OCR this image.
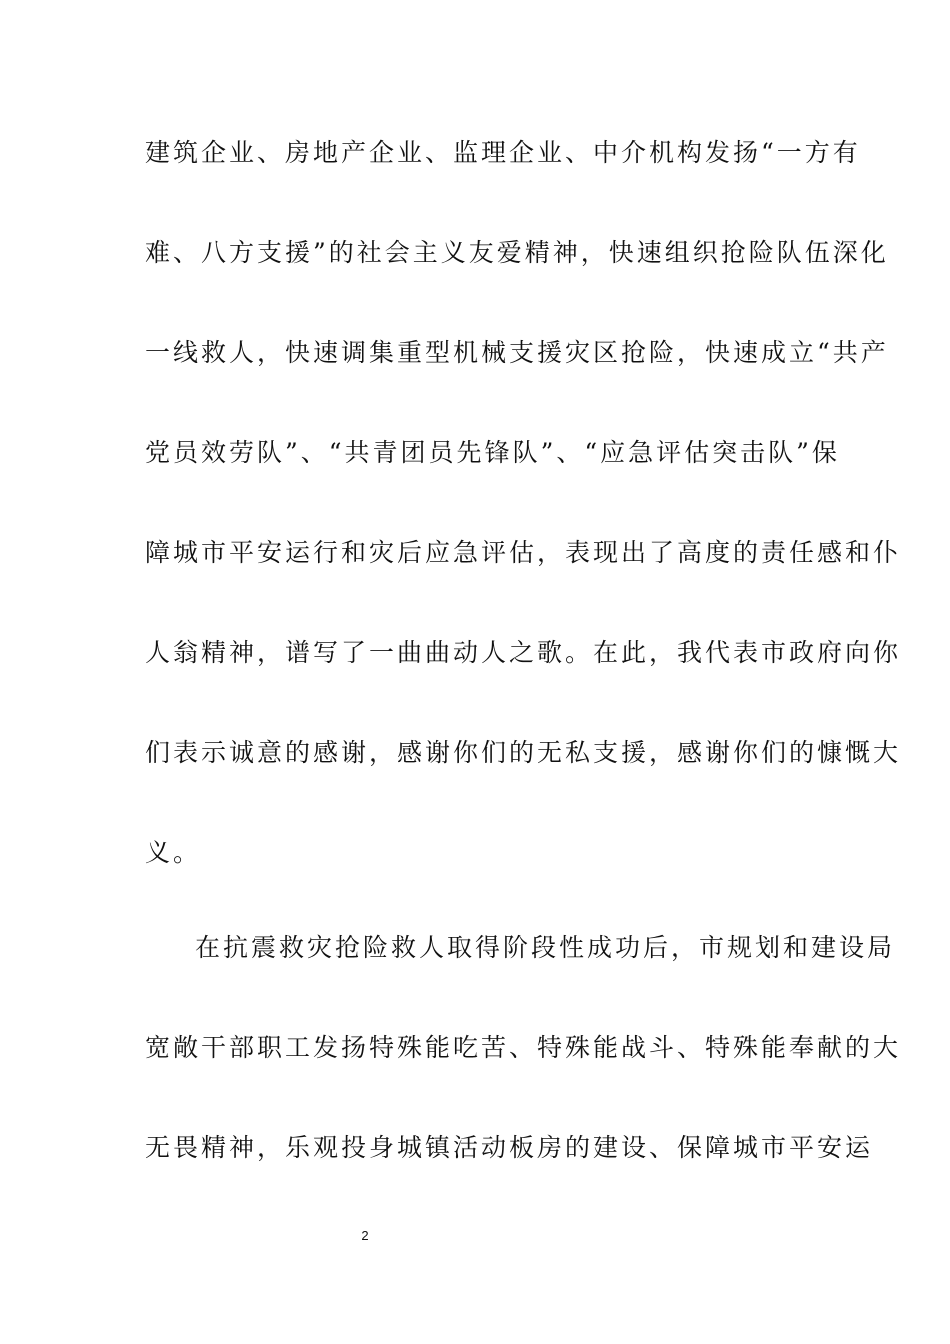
建筑企业、房地产企业、监理企业、中介机构发扬“一方有
难、八方支援”的社会主义友爱精神，快速组织抢险队伍深化
一线救人，快速调集重型机械支援灾区抢险，快速成立“共产
党员效劳队”、“共青团员先锋队”、“应急评估突击队”保
障城市平安运行和灾后应急评估，表现出了高度的责任感和仆
人翁精神，谱写了一曲曲动人之歌。在此，我代表市政府向你
们表示诚意的感谢，感谢你们的无私支援，感谢你们的慷慨大
义。
在抗震救灾抢险救人取得阶段性成功后，市规划和建设局
宽敞干部职工发扬特殊能吃苦、特殊能战斗、特殊能奉献的大
无畏精神，乐观投身城镇活动板房的建设、保障城市平安运
2
